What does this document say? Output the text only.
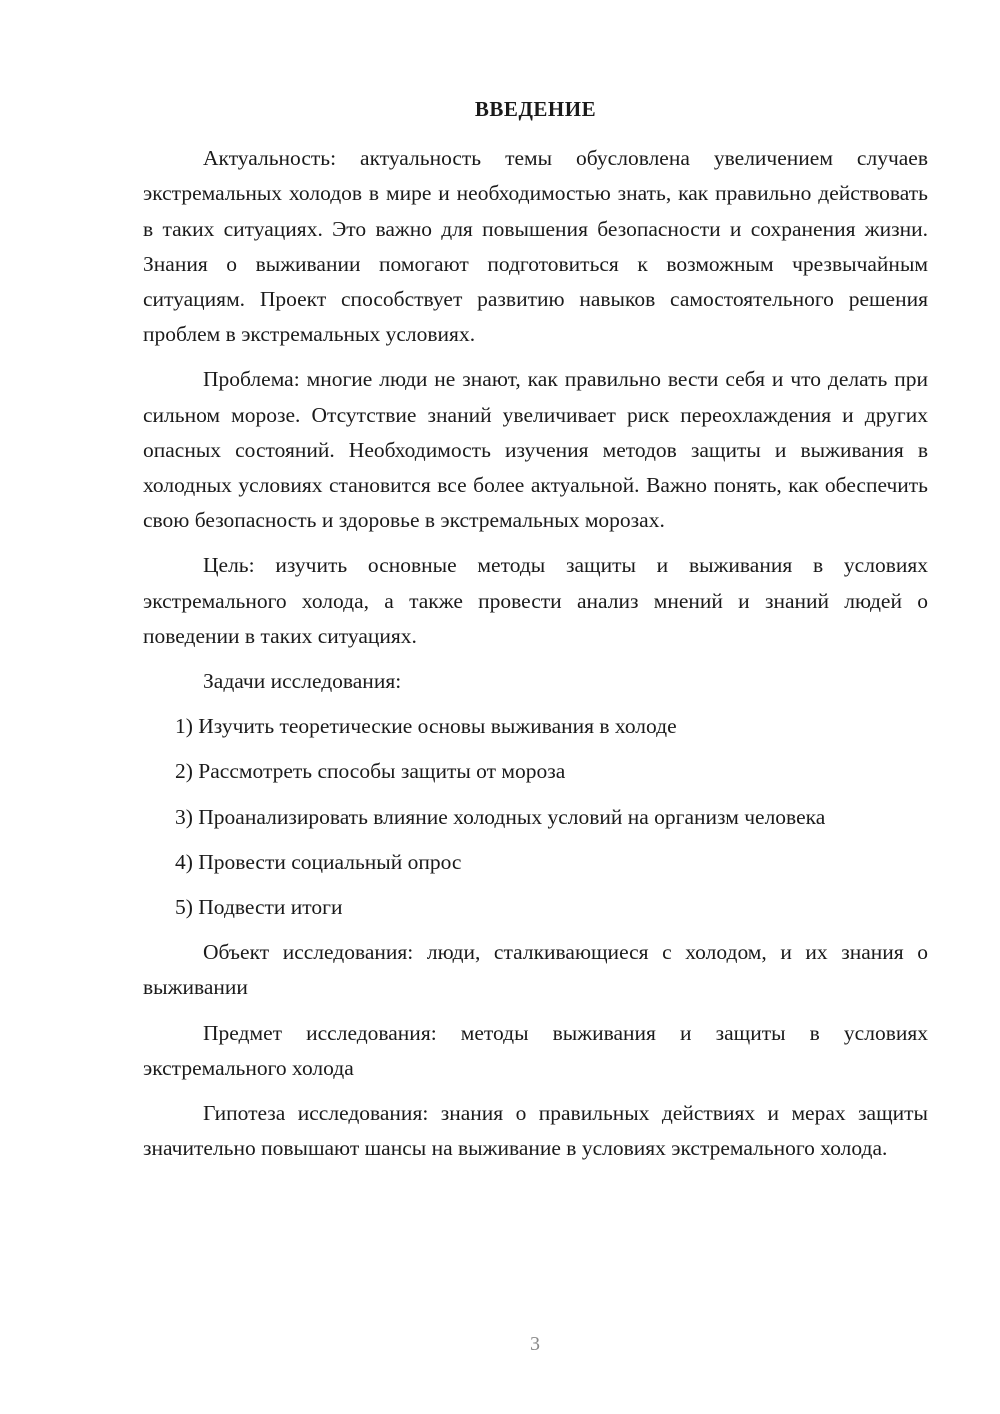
ВВЕДЕНИЕ

Актуальность: актуальность темы обусловлена увеличением случаев экстремальных холодов в мире и необходимостью знать, как правильно действовать в таких ситуациях. Это важно для повышения безопасности и сохранения жизни. Знания о выживании помогают подготовиться к возможным чрезвычайным ситуациям. Проект способствует развитию навыков самостоятельного решения проблем в экстремальных условиях.

Проблема: многие люди не знают, как правильно вести себя и что делать при сильном морозе. Отсутствие знаний увеличивает риск переохлаждения и других опасных состояний. Необходимость изучения методов защиты и выживания в холодных условиях становится все более актуальной. Важно понять, как обеспечить свою безопасность и здоровье в экстремальных морозах.

Цель: изучить основные методы защиты и выживания в условиях экстремального холода, а также провести анализ мнений и знаний людей о поведении в таких ситуациях.

Задачи исследования:

1) Изучить теоретические основы выживания в холоде

2) Рассмотреть способы защиты от мороза

3) Проанализировать влияние холодных условий на организм человека

4) Провести социальный опрос

5) Подвести итоги

Объект исследования: люди, сталкивающиеся с холодом, и их знания о выживании

Предмет исследования: методы выживания и защиты в условиях экстремального холода

Гипотеза исследования: знания о правильных действиях и мерах защиты значительно повышают шансы на выживание в условиях экстремального холода.

3
